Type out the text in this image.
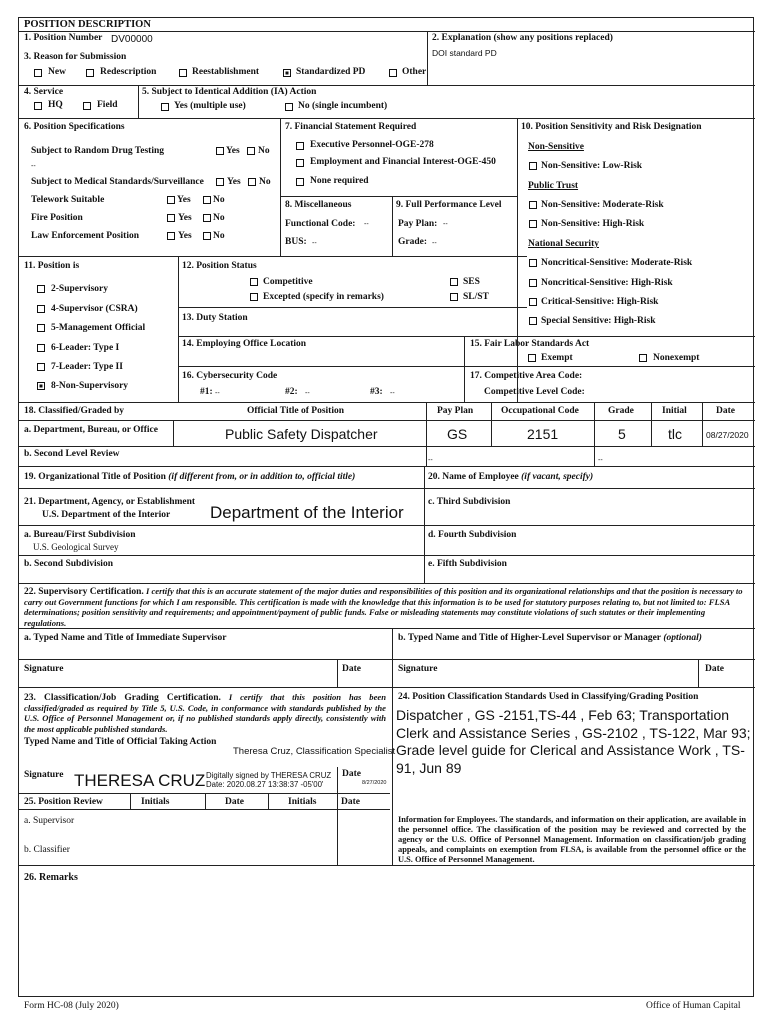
POSITION DESCRIPTION
1. Position Number DV00000	2. Explanation (show any positions replaced)
DOI standard PD
3. Reason for Submission
New	Redescription	Reestablishment	Standardized PD	Other
4. Service
HQ	Field
5. Subject to Identical Addition (IA) Action
Yes (multiple use)	No (single incumbent)
6. Position Specifications
Subject to Random Drug Testing	Yes No
--
Subject to Medical Standards/Surveillance Yes No
Telework Suitable	Yes No
Fire Position	Yes No
Law Enforcement Position	Yes No
7. Financial Statement Required
Executive Personnel-OGE-278
Employment and Financial Interest-OGE-450
None required
8. Miscellaneous
Functional Code: --
BUS: --
9. Full Performance Level
Pay Plan: --
Grade: --
10. Position Sensitivity and Risk Designation
Non-Sensitive
Non-Sensitive: Low-Risk
Public Trust
Non-Sensitive: Moderate-Risk
Non-Sensitive: High-Risk
National Security
Noncritical-Sensitive: Moderate-Risk
Noncritical-Sensitive: High-Risk
Critical-Sensitive: High-Risk
Special Sensitive: High-Risk
11. Position is
2-Supervisory
4-Supervisor (CSRA)
5-Management Official
6-Leader: Type I
7-Leader: Type II
8-Non-Supervisory
12. Position Status
Competitive
Excepted (specify in remarks)
SES
SL/ST
13. Duty Station
14. Employing Office Location	15. Fair Labor Standards Act
Exempt	Nonexempt
16. Cybersecurity Code
#1: --	#2: --	#3: --
17. Competitive Area Code:
Competitive Level Code:
18. Classified/Graded by	Official Title of Position	Pay Plan	Occupational Code	Grade	Initial	Date
a. Department, Bureau, or Office	Public Safety Dispatcher	GS	2151	5	tlc	08/27/2020
b. Second Level Review
--	--
19. Organizational Title of Position (if different from, or in addition to, official title)	20. Name of Employee (if vacant, specify)
21. Department, Agency, or Establishment
U.S. Department of the Interior Department of the Interior
c. Third Subdivision
a. Bureau/First Subdivision
U.S. Geological Survey
d. Fourth Subdivision
b. Second Subdivision	e. Fifth Subdivision
22. Supervisory Certification. I certify that this is an accurate statement of the major duties and responsibilities of this position and its organizational relationships and that the position is necessary to carry out Government functions for which I am responsible. This certification is made with the knowledge that this information is to be used for statutory purposes relating to, but not limited to: FLSA determinations; position sensitivity and requirements; and appointment/payment of public funds. False or misleading statements may constitute violations of such statutes or their implementing regulations.
a. Typed Name and Title of Immediate Supervisor	b. Typed Name and Title of Higher-Level Supervisor or Manager (optional)
Signature	Date	Signature	Date
23. Classification/Job Grading Certification. I certify that this position has been classified/graded as required by Title 5, U.S. Code, in conformance with standards published by the U.S. Office of Personnel Management or, if no published standards apply directly, consistently with the most applicable published standards.
Typed Name and Title of Official Taking Action
Theresa Cruz, Classification Specialist
Signature THERESA CRUZ Digitally signed by THERESA CRUZ
Date: 2020.08.27 13:38:37 -05'00'
Date
8/27/2020
24. Position Classification Standards Used in Classifying/Grading Position
Dispatcher , GS -2151,TS-44 , Feb 63; Transportation Clerk and Assistance Series , GS-2102 , TS-122, Mar 93; Grade level guide for Clerical and Assistance Work , TS-91, Jun 89
25. Position Review	Initials	Date	Initials	Date
a. Supervisor
b. Classifier
Information for Employees. The standards, and information on their application, are available in the personnel office. The classification of the position may be reviewed and corrected by the agency or the U.S. Office of Personnel Management. Information on classification/job grading appeals, and complaints on exemption from FLSA, is available from the personnel office or the U.S. Office of Personnel Management.
26. Remarks
Form HC-08 (July 2020)	Office of Human Capital
